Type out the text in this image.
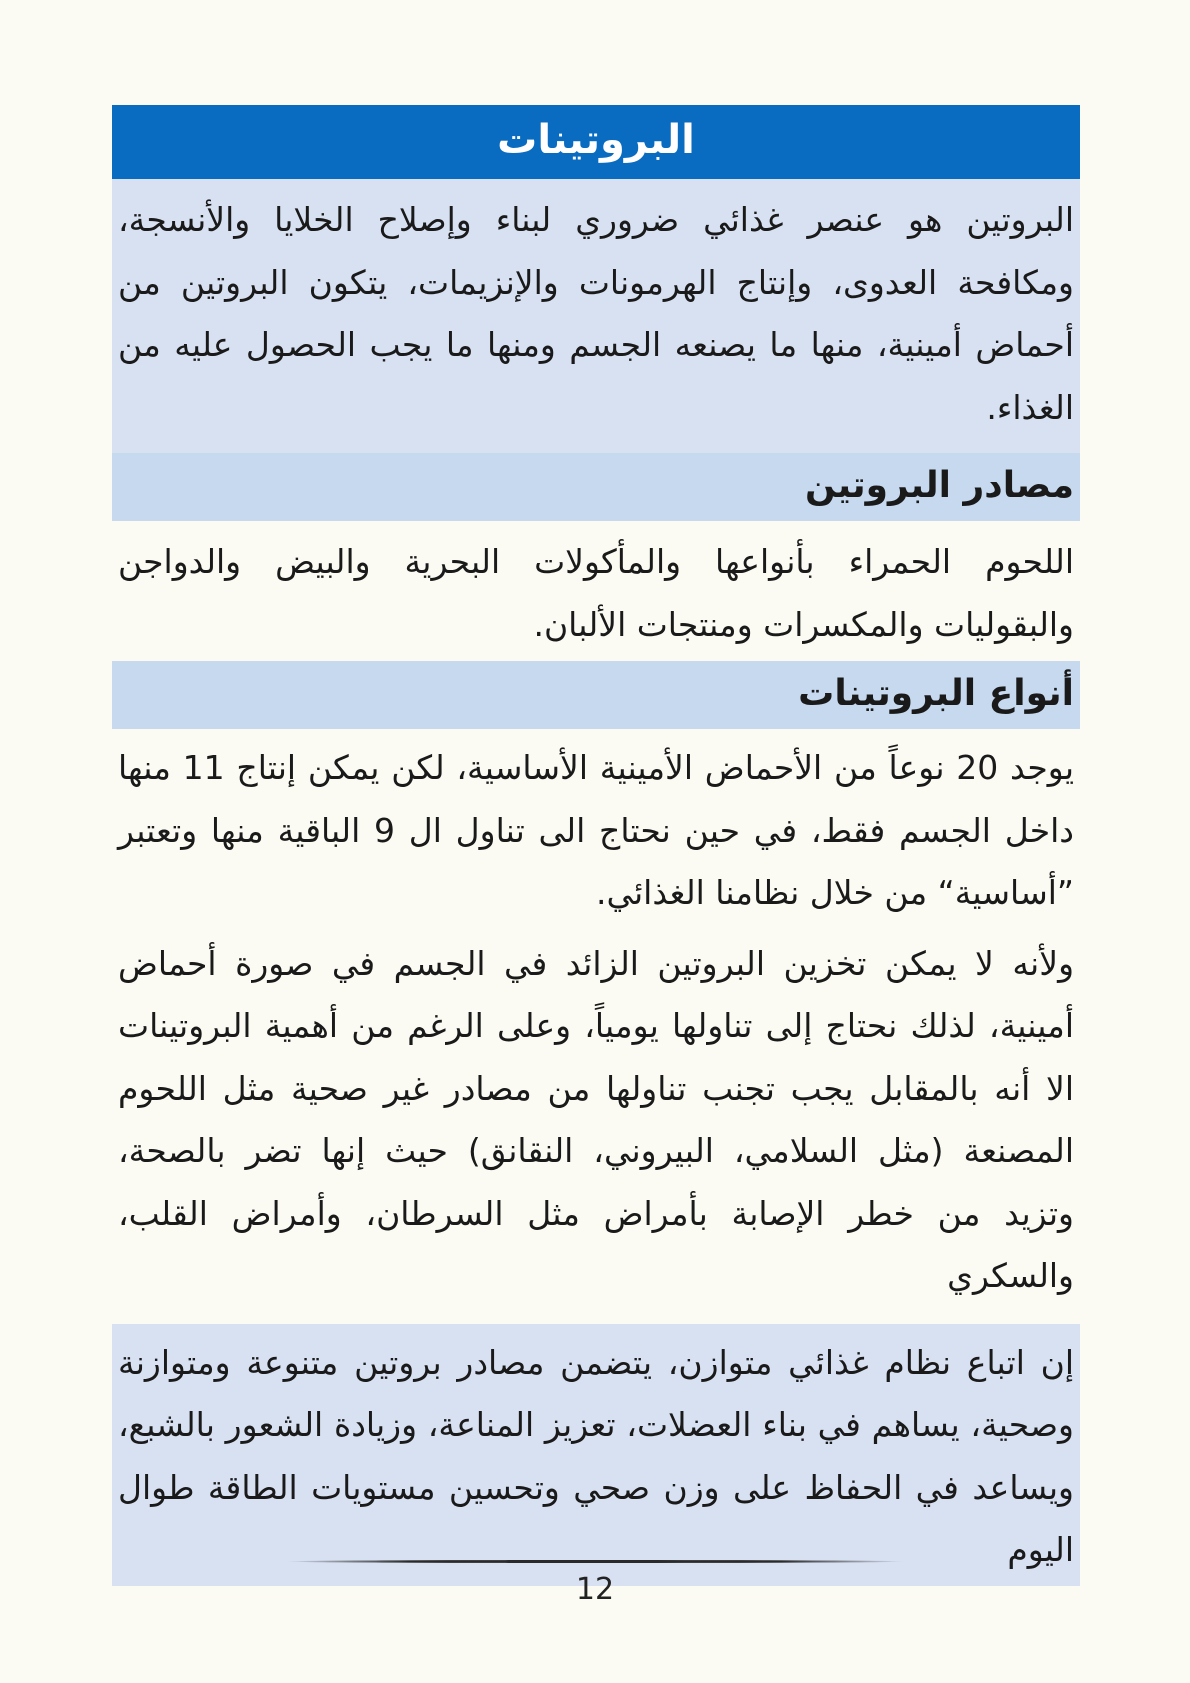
البروتينات

البروتين هو عنصر غذائي ضروري لبناء وإصلاح الخلايا والأنسجة، ومكافحة العدوى، وإنتاج الهرمونات والإنزيمات، يتكون البروتين من أحماض أمينية، منها ما يصنعه الجسم ومنها ما يجب الحصول عليه من الغذاء.

مصادر البروتين

اللحوم الحمراء بأنواعها والمأكولات البحرية والبيض والدواجن والبقوليات والمكسرات ومنتجات الألبان.

أنواع البروتينات

يوجد 20 نوعاً من الأحماض الأمينية الأساسية، لكن يمكن إنتاج 11 منها داخل الجسم فقط، في حين نحتاج الى تناول ال 9 الباقية منها وتعتبر ”أساسية“ من خلال نظامنا الغذائي.

ولأنه لا يمكن تخزين البروتين الزائد في الجسم في صورة أحماض أمينية، لذلك نحتاج إلى تناولها يومياً، وعلى الرغم من أهمية البروتينات الا أنه بالمقابل يجب تجنب تناولها من مصادر غير صحية مثل اللحوم المصنعة (مثل السلامي، البيروني، النقانق) حيث إنها تضر بالصحة، وتزيد من خطر الإصابة بأمراض مثل السرطان، وأمراض القلب، والسكري

إن اتباع نظام غذائي متوازن، يتضمن مصادر بروتين متنوعة ومتوازنة وصحية، يساهم في بناء العضلات، تعزيز المناعة، وزيادة الشعور بالشبع، ويساعد في الحفاظ على وزن صحي وتحسين مستويات الطاقة طوال اليوم

12
